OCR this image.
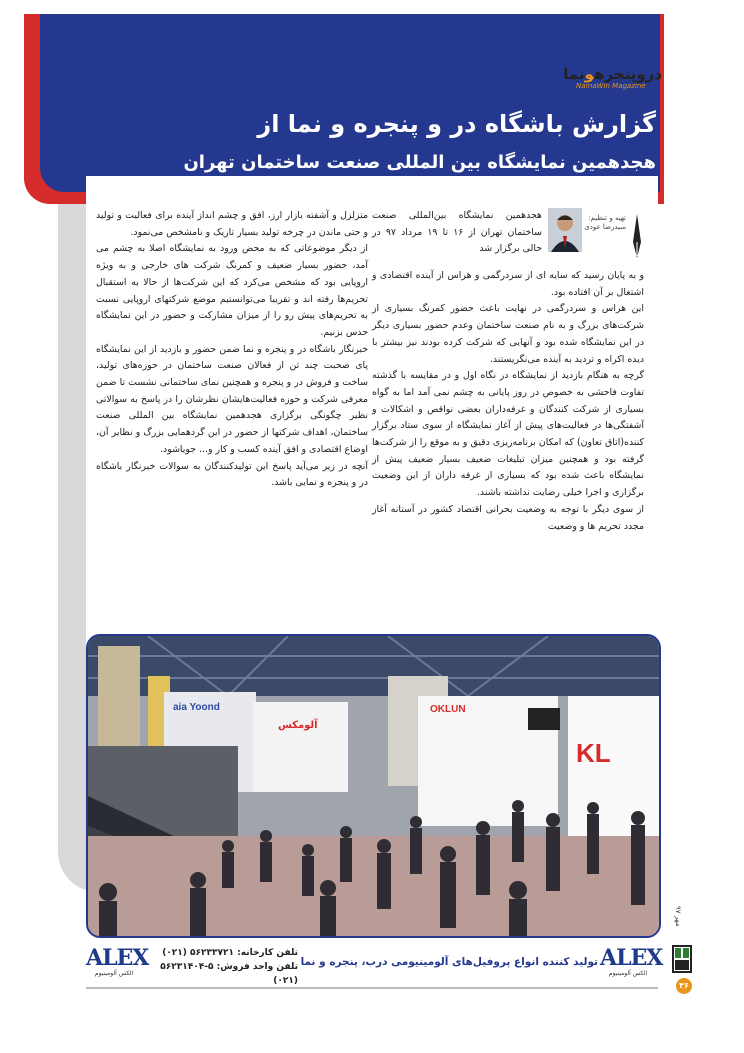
دروپنجرهونما
NamaWin Magazine
گزارش باشگاه در و پنجره و نما از
هجدهمین نمایشگاه بین المللی صنعت ساختمان تهران
تهیه و تنظیم:
سیدرضا عودی

هجدهمین نمایشگاه بین‌المللی صنعت ساختمان تهران از ۱۶ تا ۱۹ مرداد ۹۷ در حالی برگزار شد

و به پایان رسید که سایه ای از سردرگمی و هراس از آینده اقتصادی و اشتغال بر آن افتاده بود.

این هراس و سردرگمی در نهایت باعث حضور کمرنگ بسیاری از شرکت‌های بزرگ و به نام صنعت ساختمان وعدم حضور بسیاری دیگر در این نمایشگاه شده بود و آنهایی که شرکت کرده بودند نیز بیشتر با دیده اکراه و تردید به آینده می‌نگریستند.

گرچه به هنگام بازدید از نمایشگاه در نگاه اول و در مقایسه با گذشته تفاوت فاحشی به خصوص در روز پایانی به چشم نمی آمد اما به گواه بسیاری از شرکت کنندگان و غرفه‌داران بعضی نواقص و اشکالات و آشفتگی‌ها در فعالیت‌های پیش از آغاز نمایشگاه از سوی ستاد برگزار کننده(اتاق تعاون) که امکان برنامه‌ریزی دقیق و به موقع را از شرکت‌ها گرفته بود و همچنین میزان تبلیغات ضعیف بسیار ضعیف پیش از نمایشگاه باعث شده بود که بسیاری از غرفه داران از این وضعیت برگزاری و اجرا خیلی رضایت نداشته باشند.

از سوی دیگر با توجه به وضعیت بحرانی اقتصاد کشور در آستانه آغاز مجدد تحریم ها و وضعیت

متزلزل و آشفته بازار ارز، افق و چشم انداز آینده برای فعالیت و تولید و حتی ماندن در چرخه تولید بسیار تاریک و نامشخص می‌نمود.

از دیگر موضوعاتی که به محض ورود به نمایشگاه اصلا به چشم می آمد، حضور بسیار ضعیف و کمرنگ شرکت های خارجی و به ویژه اروپایی بود که مشخص می‌کرد که این شرکت‌ها از حالا به استقبال تحریم‌ها رفته اند و تقریبا می‌توانستیم موضع شرکتهای اروپایی نسبت به تحریم‌های پیش رو را از میزان مشارکت و حضور در این نمایشگاه حدس بزنیم.

خبرنگار باشگاه در و پنجره و نما ضمن حضور و بازدید از این نمایشگاه پای صحبت چند تن از فعالان صنعت ساختمان در حوزه‌های تولید، ساخت و فروش در و پنجره و همچنین نمای ساختمانی نشست تا ضمن معرفی شرکت و حوزه فعالیت‌هایشان نظرشان را در پاسخ به سوالاتی نظیر چگونگی برگزاری هجدهمین نمایشگاه بین المللی صنعت ساختمان، اهداف شرکتها از حضور در این گردهمایی بزرگ و نظایر آن، اوضاع اقتصادی و افق آینده کسب و کار و... جویاشود.

آنچه در زیر می‌آید پاسخ این تولیدکنندگان به سوالات خبرنگار باشگاه در و پنجره و نمایی باشد.

aia Yoond
آلومکس
OKLUN
KL
مهر ۹۷
ALEX
الکس آلومینیوم
تلفن کارخانه: ۵۶۲۳۳۷۲۱ (۰۲۱)
تلفن واحد فروش: ۵-۵۶۲۳۱۴۰۴ (۰۲۱)
تولید کننده انواع پروفیل‌های آلومینیومی درب، پنجره و نما ALEX
الکس آلومینیوم
۳۶
